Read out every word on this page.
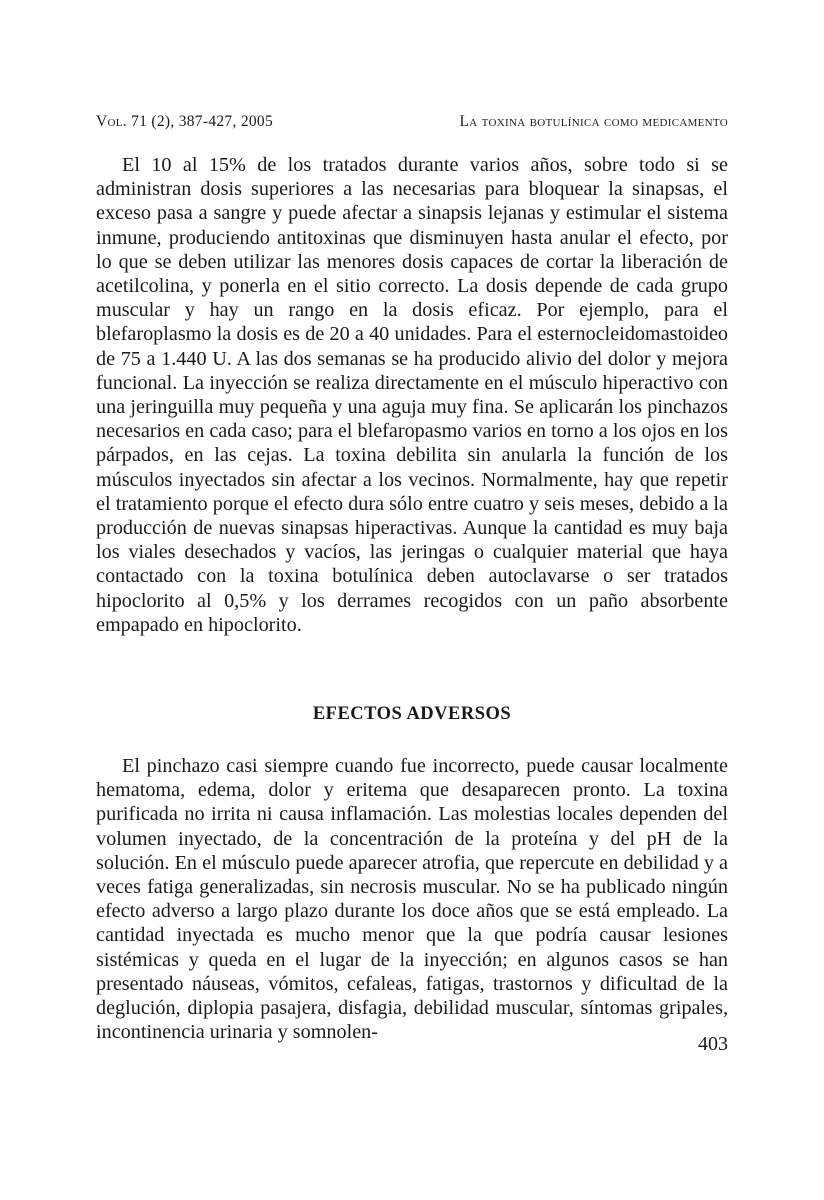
Vol. 71 (2), 387-427, 2005	La toxina botulínica como medicamento

El 10 al 15% de los tratados durante varios años, sobre todo si se administran dosis superiores a las necesarias para bloquear la sinapsas, el exceso pasa a sangre y puede afectar a sinapsis lejanas y estimular el sistema inmune, produciendo antitoxinas que disminuyen hasta anular el efecto, por lo que se deben utilizar las menores dosis capaces de cortar la liberación de acetilcolina, y ponerla en el sitio correcto. La dosis depende de cada grupo muscular y hay un rango en la dosis eficaz. Por ejemplo, para el blefaroplasmo la dosis es de 20 a 40 unidades. Para el esternocleidomastoideo de 75 a 1.440 U. A las dos semanas se ha producido alivio del dolor y mejora funcional. La inyección se realiza directamente en el músculo hiperactivo con una jeringuilla muy pequeña y una aguja muy fina. Se aplicarán los pinchazos necesarios en cada caso; para el blefaropasmo varios en torno a los ojos en los párpados, en las cejas. La toxina debilita sin anularla la función de los músculos inyectados sin afectar a los vecinos. Normalmente, hay que repetir el tratamiento porque el efecto dura sólo entre cuatro y seis meses, debido a la producción de nuevas sinapsas hiperactivas. Aunque la cantidad es muy baja los viales desechados y vacíos, las jeringas o cualquier material que haya contactado con la toxina botulínica deben autoclavarse o ser tratados hipoclorito al 0,5% y los derrames recogidos con un paño absorbente empapado en hipoclorito.

EFECTOS ADVERSOS

El pinchazo casi siempre cuando fue incorrecto, puede causar localmente hematoma, edema, dolor y eritema que desaparecen pronto. La toxina purificada no irrita ni causa inflamación. Las molestias locales dependen del volumen inyectado, de la concentración de la proteína y del pH de la solución. En el músculo puede aparecer atrofia, que repercute en debilidad y a veces fatiga generalizadas, sin necrosis muscular. No se ha publicado ningún efecto adverso a largo plazo durante los doce años que se está empleado. La cantidad inyectada es mucho menor que la que podría causar lesiones sistémicas y queda en el lugar de la inyección; en algunos casos se han presentado náuseas, vómitos, cefaleas, fatigas, trastornos y dificultad de la deglución, diplopia pasajera, disfagia, debilidad muscular, síntomas gripales, incontinencia urinaria y somnolen-

403
